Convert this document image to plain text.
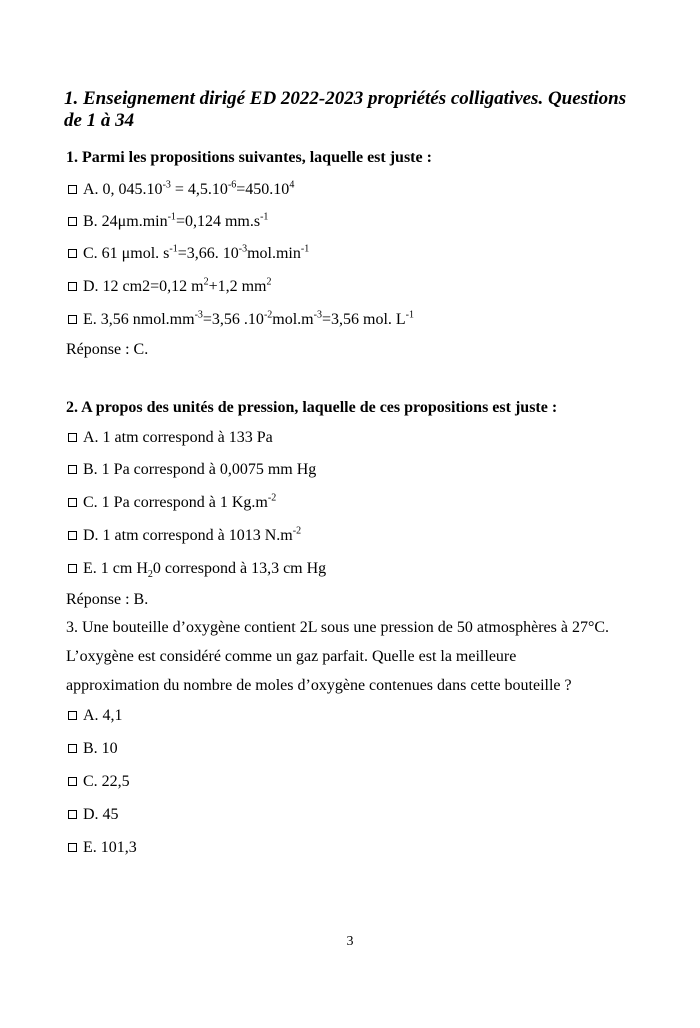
1. Enseignement dirigé ED 2022-2023 propriétés colligatives. Questions
de 1 à 34
1. Parmi les propositions suivantes, laquelle est juste :
A. 0, $045.10^{-3} = 4,5.10^{-6}=450.10^4$
B. $24\mu m.\min^{-1}=0,124$ $mm.s^{-1}$
C. 61 μmol. $s^{-1}=3,66$. $10^{-3}mol.\min^{-1}$
D. 12 cm2=0,12 $m^2+1,2$ $mm^2$
E. 3,56 $nmol.mm^{-3}=3,56$ $.10^{-2}mol.m^{-3}=3,56$ mol. $L^{-1}$
Réponse : C.
2. A propos des unités de pression, laquelle de ces propositions est juste :
A. 1 atm correspond à 133 Pa
B. 1 Pa correspond à 0,0075 mm Hg
C. 1 Pa correspond à 1 $Kg.m^{-2}$
D. 1 atm correspond à 1013 $N.m^{-2}$
E. 1 cm $H_20$ correspond à 13,3 cm Hg
Réponse : B.
3. Une bouteille d’oxygène contient 2L sous une pression de 50 atmosphères à 27°C.
L’oxygène est considéré comme un gaz parfait. Quelle est la meilleure
approximation du nombre de moles d’oxygène contenues dans cette bouteille ?
A. 4,1
B. 10
C. 22,5
D. 45
E. 101,3
3
